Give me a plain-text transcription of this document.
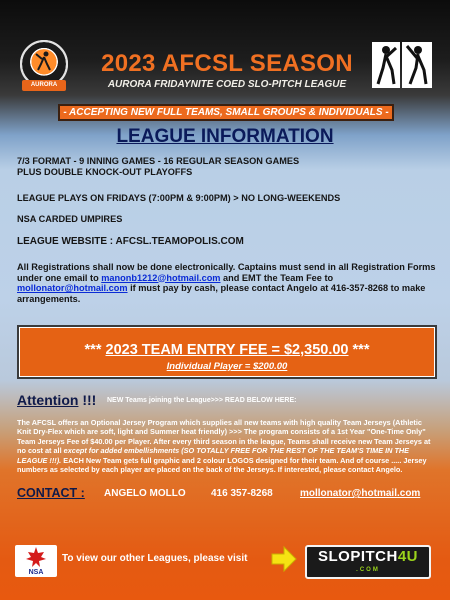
AURORA
2023 AFCSL SEASON
AURORA FRIDAYNITE COED SLO-PITCH LEAGUE
- ACCEPTING NEW FULL TEAMS, SMALL GROUPS & INDIVIDUALS -
LEAGUE INFORMATION
7/3 FORMAT - 9 INNING GAMES - 16 REGULAR SEASON GAMES
PLUS DOUBLE KNOCK-OUT PLAYOFFS
LEAGUE PLAYS ON FRIDAYS (7:00PM & 9:00PM) > NO LONG-WEEKENDS
NSA CARDED UMPIRES
LEAGUE WEBSITE : AFCSL.TEAMOPOLIS.COM
All Registrations shall now be done electronically. Captains must send in all Registration Forms under one email to manonb1212@hotmail.com and EMT the Team Fee to mollonator@hotmail.com if must pay by cash, please contact Angelo at 416-357-8268 to make arrangements.
*** 2023 TEAM ENTRY FEE = $2,350.00 ***
Individual Player = $200.00
Attention !!! NEW Teams joining the League>>> READ BELOW HERE:
The AFCSL offers an Optional Jersey Program which supplies all new teams with high quality Team Jerseys (Athletic Knit Dry-Flex which are soft, light and Summer heat friendly) >>> The program consists of a 1st Year "One-Time Only" Team Jerseys Fee of $40.00 per Player. After every third season in the league, Teams shall receive new Team Jerseys at no cost at all except for added embellishments (SO TOTALLY FREE FOR THE REST OF THE TEAM'S TIME IN THE LEAGUE !!!). EACH New Team gets full graphic and 2 colour LOGOS designed for their team. And of course ..... Jersey numbers as selected by each player are placed on the back of the Jerseys. If interested, please contact Angelo.
CONTACT : ANGELO MOLLO	416 357-8268	mollonator@hotmail.com
NSA
To view our other Leagues, please visit	SLOPITCH4U
.COM
